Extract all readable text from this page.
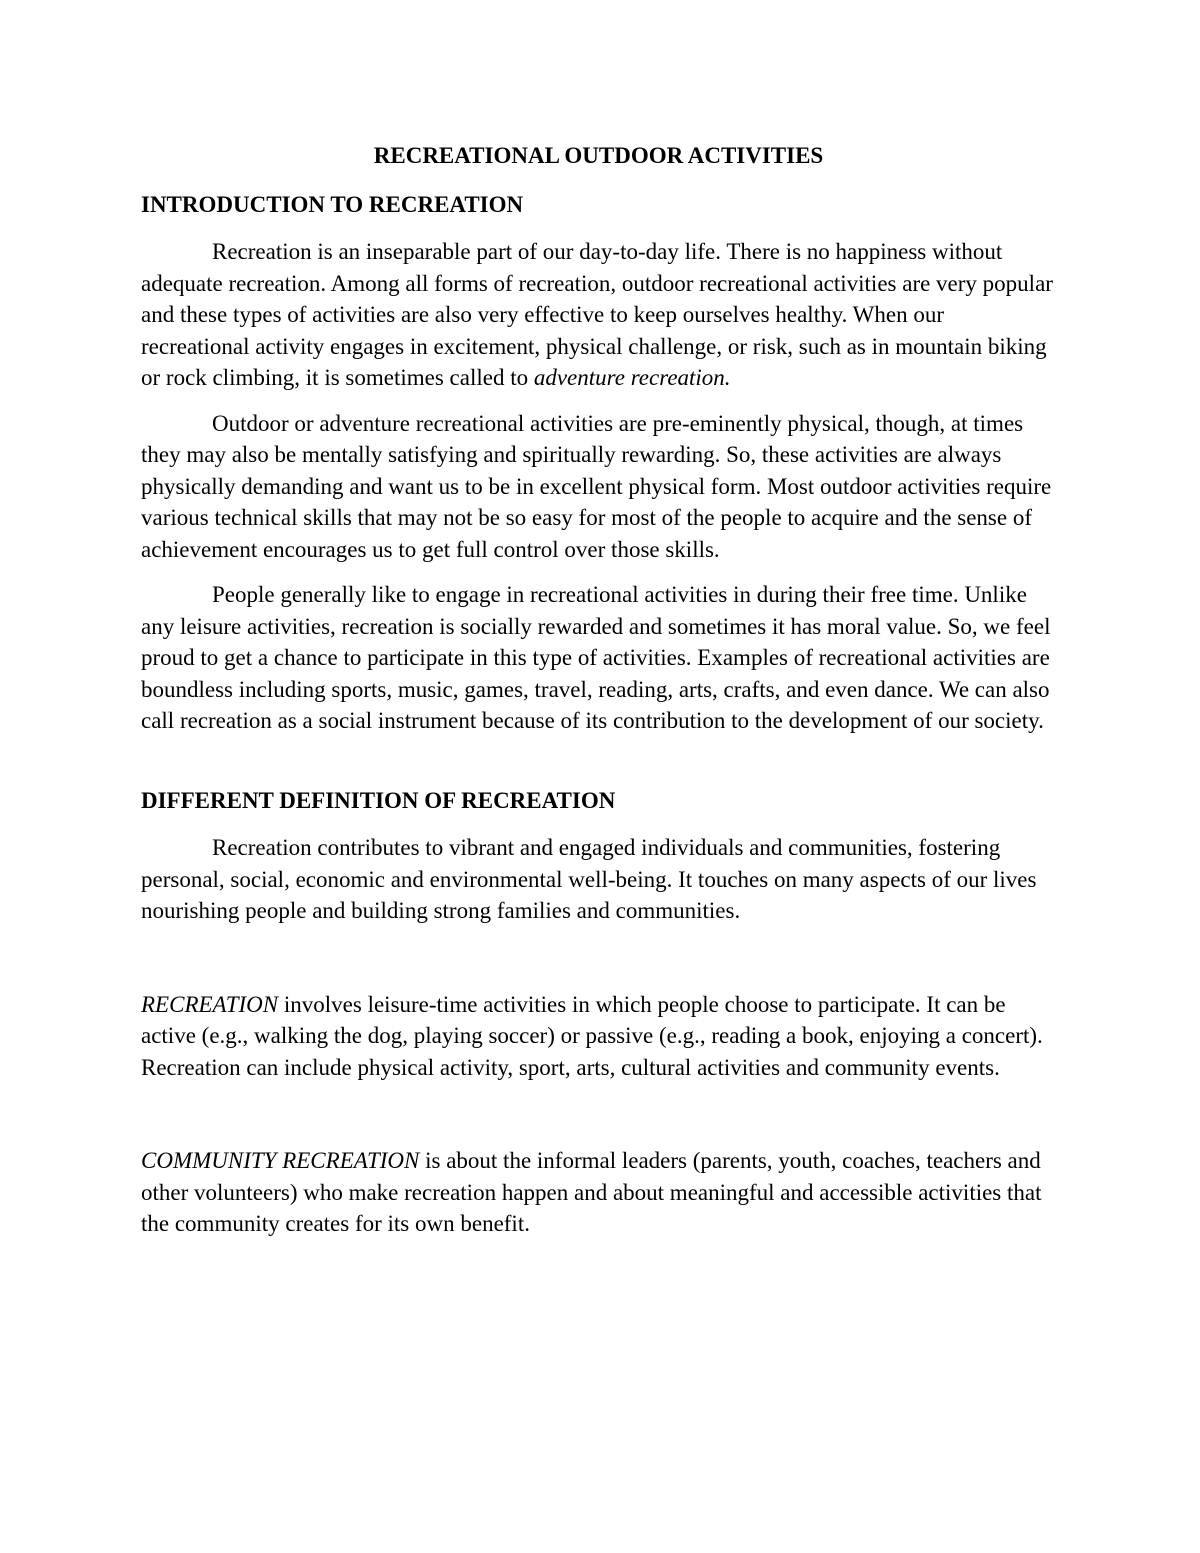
RECREATIONAL OUTDOOR ACTIVITIES
INTRODUCTION TO RECREATION

Recreation is an inseparable part of our day-to-day life. There is no happiness without adequate recreation. Among all forms of recreation, outdoor recreational activities are very popular and these types of activities are also very effective to keep ourselves healthy. When our recreational activity engages in excitement, physical challenge, or risk, such as in mountain biking or rock climbing, it is sometimes called to adventure recreation.

Outdoor or adventure recreational activities are pre-eminently physical, though, at times they may also be mentally satisfying and spiritually rewarding. So, these activities are always physically demanding and want us to be in excellent physical form. Most outdoor activities require various technical skills that may not be so easy for most of the people to acquire and the sense of achievement encourages us to get full control over those skills.

People generally like to engage in recreational activities in during their free time. Unlike any leisure activities, recreation is socially rewarded and sometimes it has moral value. So, we feel proud to get a chance to participate in this type of activities. Examples of recreational activities are boundless including sports, music, games, travel, reading, arts, crafts, and even dance. We can also call recreation as a social instrument because of its contribution to the development of our society.

DIFFERENT DEFINITION OF RECREATION

Recreation contributes to vibrant and engaged individuals and communities, fostering personal, social, economic and environmental well-being. It touches on many aspects of our lives nourishing people and building strong families and communities.

RECREATION involves leisure-time activities in which people choose to participate. It can be active (e.g., walking the dog, playing soccer) or passive (e.g., reading a book, enjoying a concert). Recreation can include physical activity, sport, arts, cultural activities and community events.

COMMUNITY RECREATION is about the informal leaders (parents, youth, coaches, teachers and other volunteers) who make recreation happen and about meaningful and accessible activities that the community creates for its own benefit.
